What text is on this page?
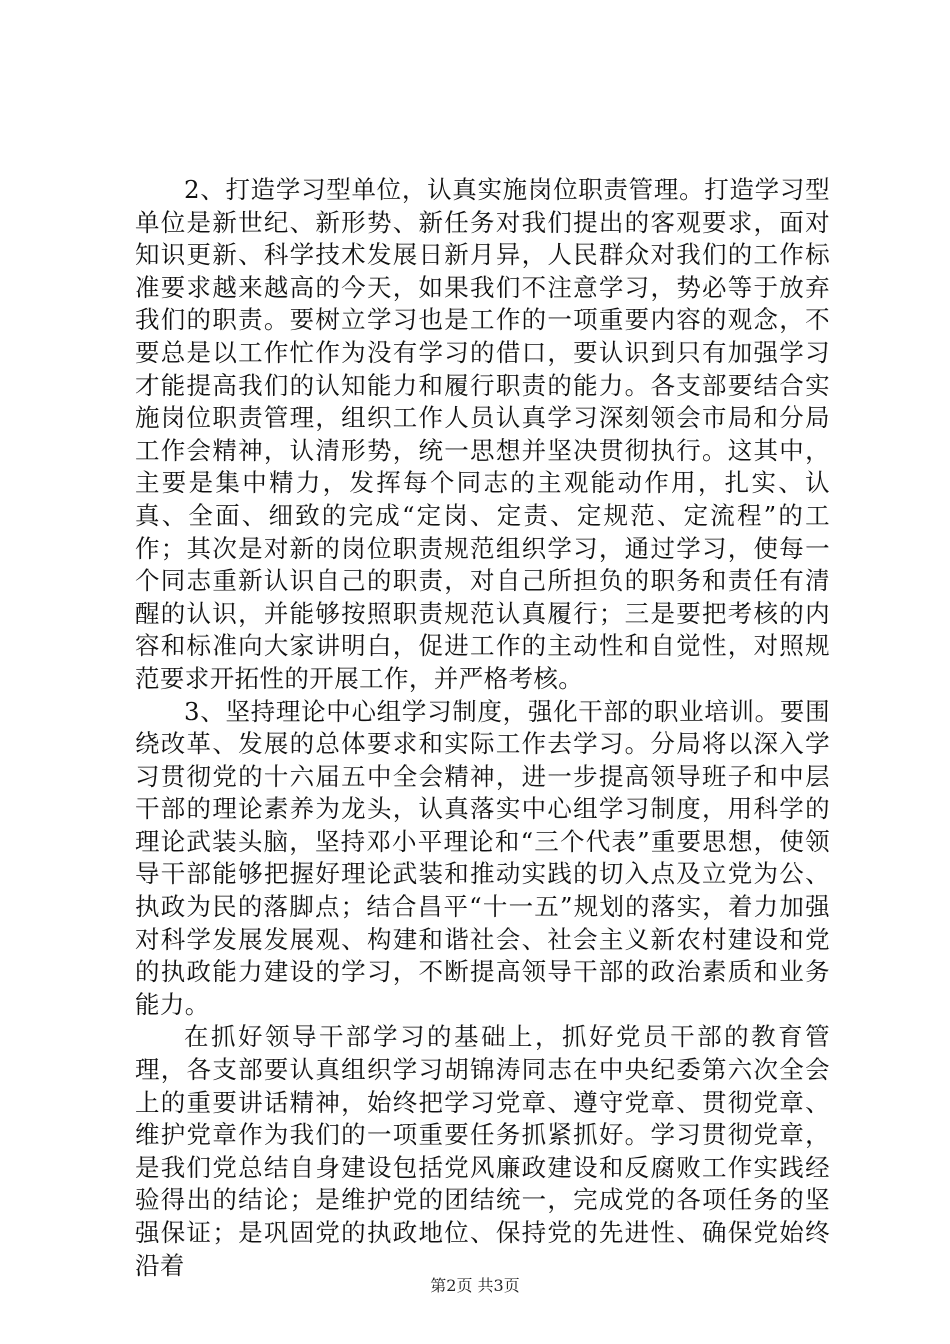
2、打造学习型单位，认真实施岗位职责管理。打造学习型单位是新世纪、新形势、新任务对我们提出的客观要求，面对知识更新、科学技术发展日新月异，人民群众对我们的工作标准要求越来越高的今天，如果我们不注意学习，势必等于放弃我们的职责。要树立学习也是工作的一项重要内容的观念，不要总是以工作忙作为没有学习的借口，要认识到只有加强学习才能提高我们的认知能力和履行职责的能力。各支部要结合实施岗位职责管理，组织工作人员认真学习深刻领会市局和分局工作会精神，认清形势，统一思想并坚决贯彻执行。这其中，主要是集中精力，发挥每个同志的主观能动作用，扎实、认真、全面、细致的完成“定岗、定责、定规范、定流程”的工作；其次是对新的岗位职责规范组织学习，通过学习，使每一个同志重新认识自己的职责，对自己所担负的职务和责任有清醒的认识，并能够按照职责规范认真履行；三是要把考核的内容和标准向大家讲明白，促进工作的主动性和自觉性，对照规范要求开拓性的开展工作，并严格考核。

3、坚持理论中心组学习制度，强化干部的职业培训。要围绕改革、发展的总体要求和实际工作去学习。分局将以深入学习贯彻党的十六届五中全会精神，进一步提高领导班子和中层干部的理论素养为龙头，认真落实中心组学习制度，用科学的理论武装头脑，坚持邓小平理论和“三个代表”重要思想，使领导干部能够把握好理论武装和推动实践的切入点及立党为公、执政为民的落脚点；结合昌平“十一五”规划的落实，着力加强对科学发展发展观、构建和谐社会、社会主义新农村建设和党的执政能力建设的学习，不断提高领导干部的政治素质和业务能力。

在抓好领导干部学习的基础上，抓好党员干部的教育管理，各支部要认真组织学习胡锦涛同志在中央纪委第六次全会上的重要讲话精神，始终把学习党章、遵守党章、贯彻党章、维护党章作为我们的一项重要任务抓紧抓好。学习贯彻党章，是我们党总结自身建设包括党风廉政建设和反腐败工作实践经验得出的结论；是维护党的团结统一，完成党的各项任务的坚强保证；是巩固党的执政地位、保持党的先进性、确保党始终沿着

第2页 共3页
